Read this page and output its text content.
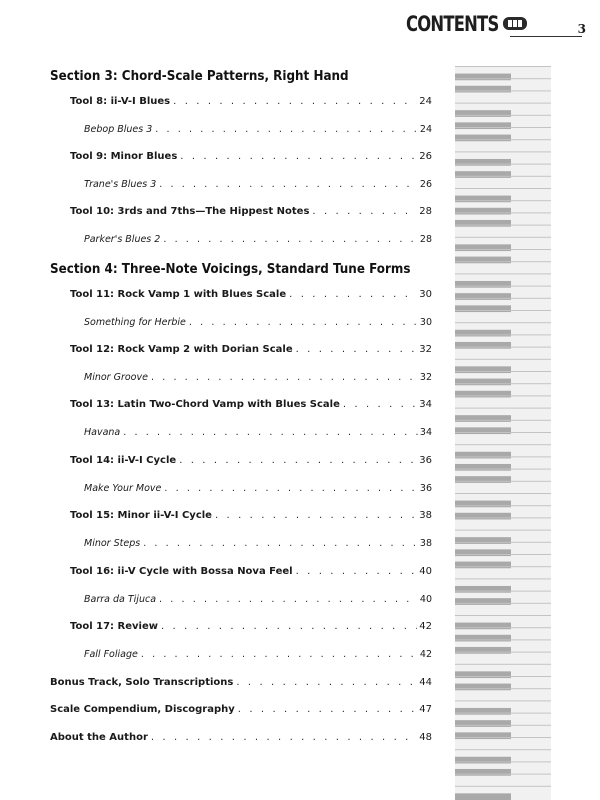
CONTENTS	3
Section 3: Chord-Scale Patterns, Right Hand
Tool 8: ii-V-I Blues . . .	24
Bebop Blues 3 . . .	24
Tool 9: Minor Blues . . .	26
Trane's Blues 3 . . .	26
Tool 10: 3rds and 7ths—The Hippest Notes . . .	28
Parker's Blues 2 . . .	28
Section 4: Three-Note Voicings, Standard Tune Forms
Tool 11: Rock Vamp 1 with Blues Scale . . .	30
Something for Herbie . . .	30
Tool 12: Rock Vamp 2 with Dorian Scale . . .	32
Minor Groove . . .	32
Tool 13: Latin Two-Chord Vamp with Blues Scale . . .	34
Havana . . .	34
Tool 14: ii-V-I Cycle . . .	36
Make Your Move . . .	36
Tool 15: Minor ii-V-I Cycle . . .	38
Minor Steps . . .	38
Tool 16: ii-V Cycle with Bossa Nova Feel . . .	40
Barra da Tijuca . . .	40
Tool 17: Review . . .	42
Fall Foliage . . .	42
Bonus Track, Solo Transcriptions . . .	44
Scale Compendium, Discography . . .	47
About the Author . . .	48
